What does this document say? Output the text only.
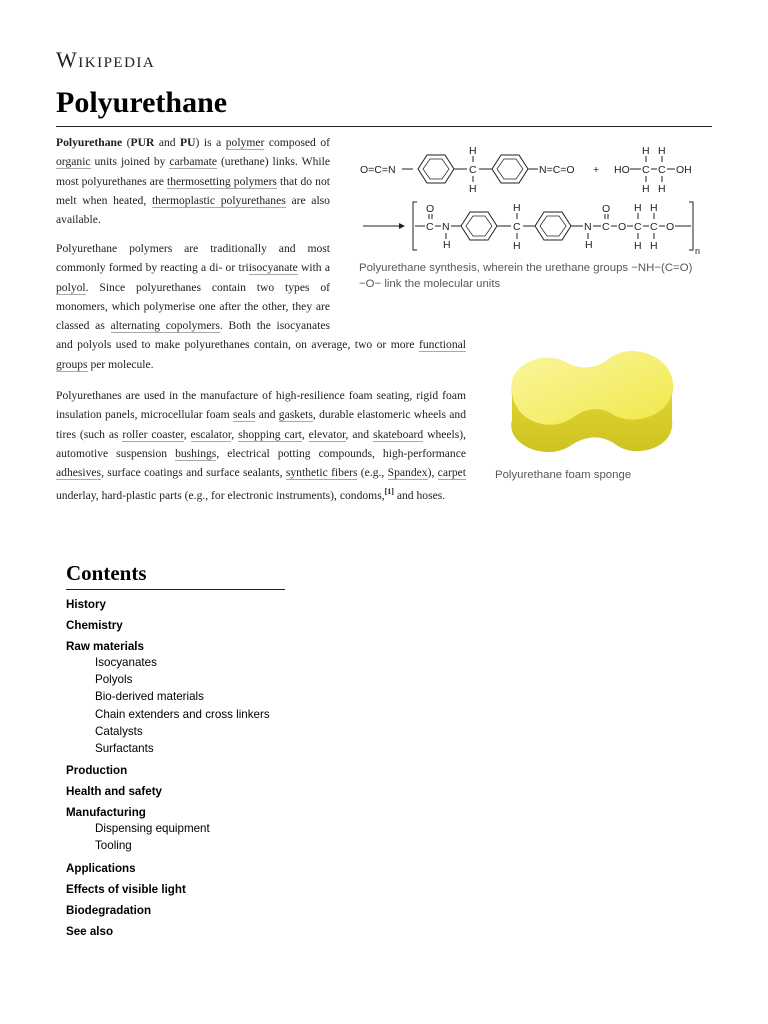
Wikipedia
Polyurethane

Polyurethane (PUR and PU) is a polymer composed of organic units joined by carbamate (urethane) links. While most polyurethanes are thermosetting polymers that do not melt when heated, thermoplastic polyurethanes are also available.

Polyurethane polymers are traditionally and most commonly formed by reacting a di- or triisocyanate with a polyol. Since polyurethanes contain two types of monomers, which polymerise one after the other, they are classed as alternating copolymers. Both the isocyanates and polyols used to make polyurethanes contain, on average, two or more functional groups per molecule.

Polyurethanes are used in the manufacture of high-resilience foam seating, rigid foam insulation panels, microcellular foam seals and gaskets, durable elastomeric wheels and tires (such as roller coaster, escalator, shopping cart, elevator, and skateboard wheels), automotive suspension bushings, electrical potting compounds, high-performance adhesives, surface coatings and surface sealants, synthetic fibers (e.g., Spandex), carpet underlay, hard-plastic parts (e.g., for electronic instruments), condoms,[1] and hoses.

O=C=N	C
H
H
N=C=O + HO C
H
H
C
H
H
OH
n
C
O
N
H
C
H
H
N
H
C
O
O C
H
H
C
H
H
O
Polyurethane synthesis, wherein the urethane groups −NH−(C=O)−O− link the molecular units
Polyurethane foam sponge
Contents
History
Chemistry
Raw materials
Isocyanates
Polyols
Bio-derived materials
Chain extenders and cross linkers
Catalysts
Surfactants
Production
Health and safety
Manufacturing
Dispensing equipment
Tooling
Applications
Effects of visible light
Biodegradation
See also
